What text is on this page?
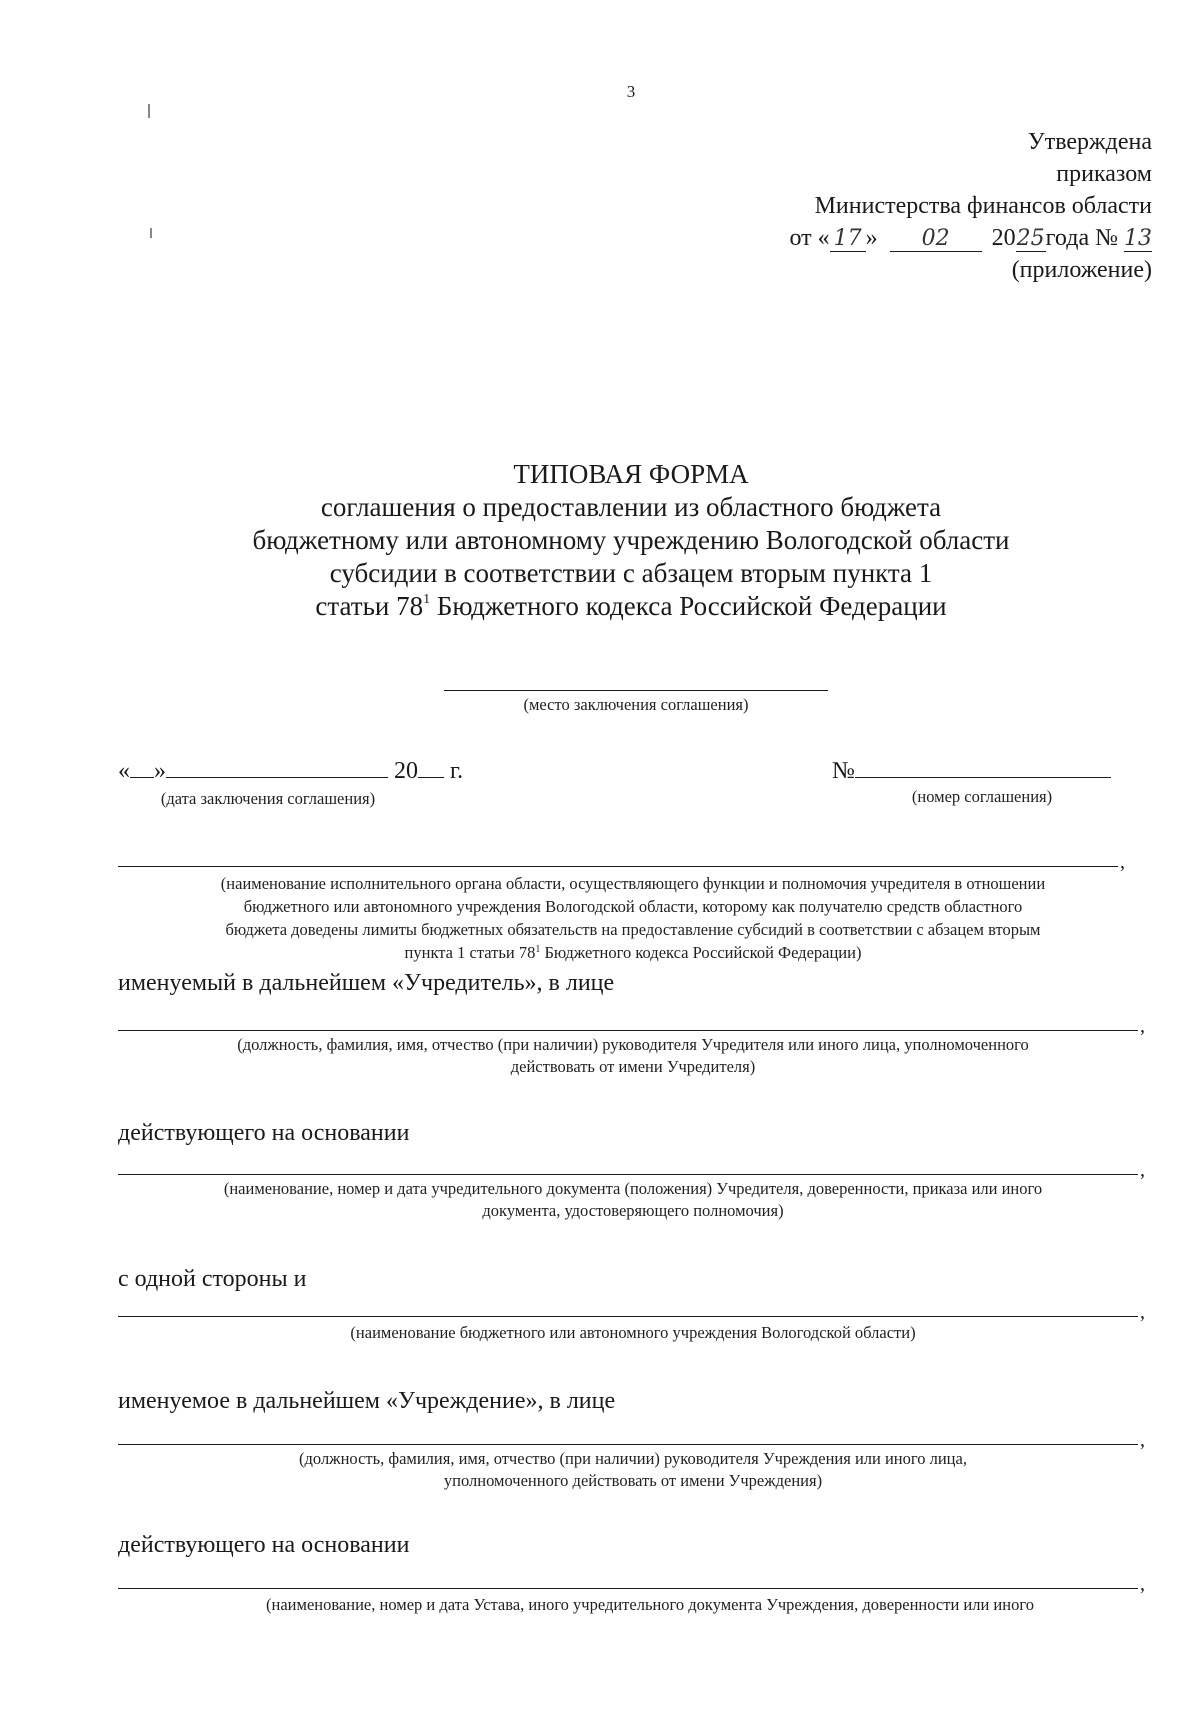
3
Утверждена
приказом
Министерства финансов области
от « 17 » 02 2025года № 13
(приложение)
ТИПОВАЯ ФОРМА
соглашения о предоставлении из областного бюджета
бюджетному или автономному учреждению Вологодской области
субсидии в соответствии с абзацем вторым пункта 1
статьи $78^1$ Бюджетного кодекса Российской Федерации
(место заключения соглашения)
« »	20 г.
(дата заключения соглашения)
№
(номер соглашения)
,
(наименование исполнительного органа области, осуществляющего функции и полномочия учредителя в отношении
бюджетного или автономного учреждения Вологодской области, которому как получателю средств областного
бюджета доведены лимиты бюджетных обязательств на предоставление субсидий в соответствии с абзацем вторым
пункта 1 статьи $78^1$ Бюджетного кодекса Российской Федерации)
именуемый в дальнейшем «Учредитель», в лице
,
(должность, фамилия, имя, отчество (при наличии) руководителя Учредителя или иного лица, уполномоченного
действовать от имени Учредителя)
действующего на основании
,
(наименование, номер и дата учредительного документа (положения) Учредителя, доверенности, приказа или иного
документа, удостоверяющего полномочия)
с одной стороны и
,
(наименование бюджетного или автономного учреждения Вологодской области)
именуемое в дальнейшем «Учреждение», в лице
,
(должность, фамилия, имя, отчество (при наличии) руководителя Учреждения или иного лица,
уполномоченного действовать от имени Учреждения)
действующего на основании
,
(наименование, номер и дата Устава, иного учредительного документа Учреждения, доверенности или иного
